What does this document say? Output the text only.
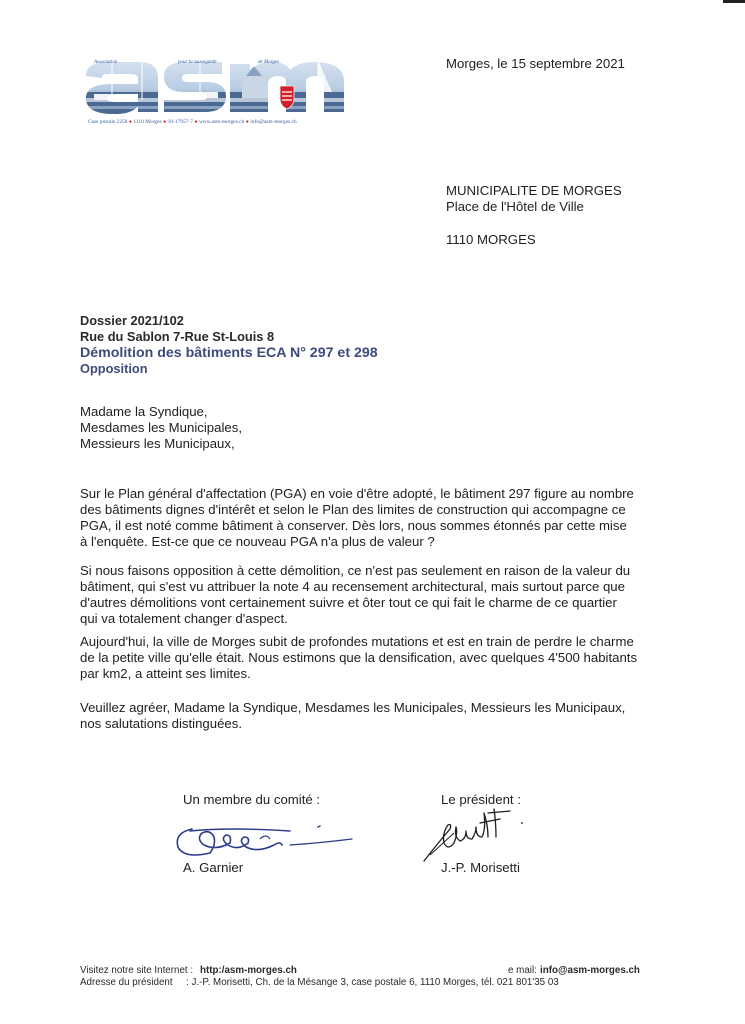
Association	pour la sauvegarde	de Morges
Case postale 2258 ● 1110 Morges ● 10-17957-7 ● www.asm-morges.ch ● info@asm-morges.ch
Morges, le 15 septembre 2021
MUNICIPALITE DE MORGES
Place de l'Hôtel de Ville
1110 MORGES
Dossier 2021/102
Rue du Sablon 7-Rue St-Louis 8
Démolition des bâtiments ECA N° 297 et 298
Opposition
Madame la Syndique,
Mesdames les Municipales,
Messieurs les Municipaux,
Sur le Plan général d'affectation (PGA) en voie d'être adopté, le bâtiment 297 figure au nombre
des bâtiments dignes d'intérêt et selon le Plan des limites de construction qui accompagne ce
PGA, il est noté comme bâtiment à conserver. Dès lors, nous sommes étonnés par cette mise
à l'enquête. Est-ce que ce nouveau PGA n'a plus de valeur ?
Si nous faisons opposition à cette démolition, ce n'est pas seulement en raison de la valeur du
bâtiment, qui s'est vu attribuer la note 4 au recensement architectural, mais surtout parce que
d'autres démolitions vont certainement suivre et ôter tout ce qui fait le charme de ce quartier
qui va totalement changer d'aspect.
Aujourd'hui, la ville de Morges subit de profondes mutations et est en train de perdre le charme
de la petite ville qu'elle était. Nous estimons que la densification, avec quelques 4'500 habitants
par km2, a atteint ses limites.
Veuillez agréer, Madame la Syndique, Mesdames les Municipales, Messieurs les Municipaux,
nos salutations distinguées.
Un membre du comité :	Le président :
A. Garnier	J.-P. Morisetti
Visitez notre site Internet : http:/asm-morges.ch	e mail: info@asm-morges.ch
Adresse du président : J.-P. Morisetti, Ch. de la Mésange 3, case postale 6, 1110 Morges, tél. 021 801'35 03
